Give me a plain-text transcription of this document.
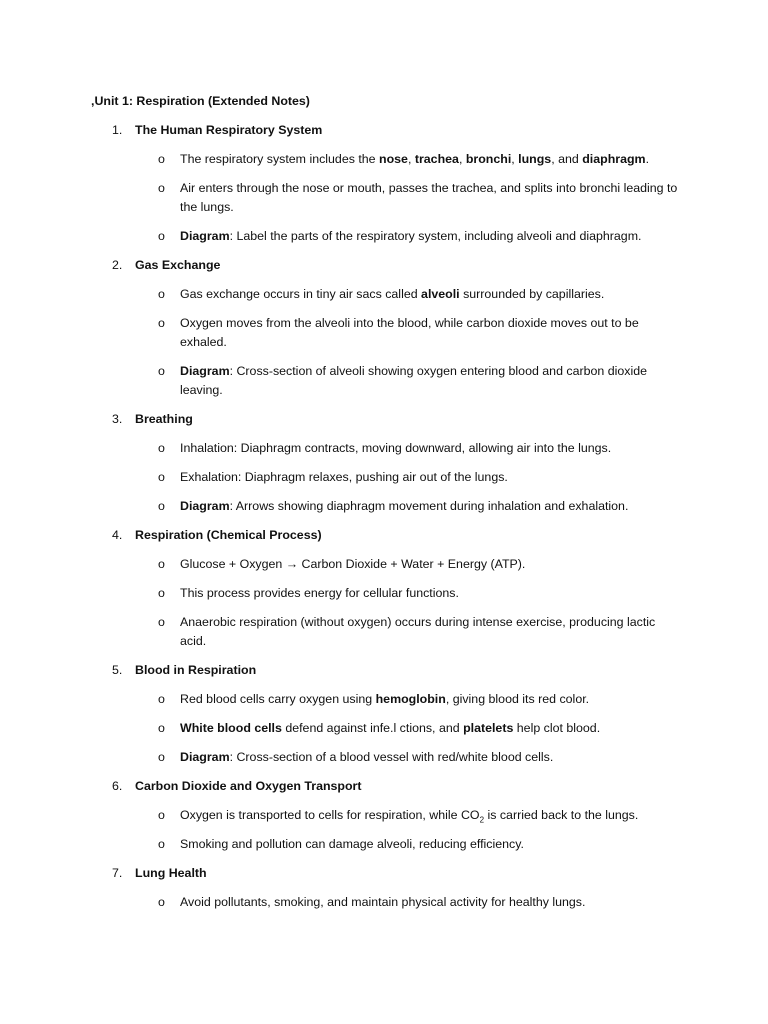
,Unit 1: Respiration (Extended Notes)
1.	The Human Respiratory System
o The respiratory system includes the nose, trachea, bronchi, lungs, and diaphragm.
o Air enters through the nose or mouth, passes the trachea, and splits into bronchi leading to the lungs.
o Diagram: Label the parts of the respiratory system, including alveoli and diaphragm.
2.	Gas Exchange
o Gas exchange occurs in tiny air sacs called alveoli surrounded by capillaries.
o Oxygen moves from the alveoli into the blood, while carbon dioxide moves out to be exhaled.
o Diagram: Cross-section of alveoli showing oxygen entering blood and carbon dioxide leaving.
3.	Breathing
o Inhalation: Diaphragm contracts, moving downward, allowing air into the lungs.
o Exhalation: Diaphragm relaxes, pushing air out of the lungs.
o Diagram: Arrows showing diaphragm movement during inhalation and exhalation.
4.	Respiration (Chemical Process)
o Glucose + Oxygen → Carbon Dioxide + Water + Energy (ATP).
o This process provides energy for cellular functions.
o Anaerobic respiration (without oxygen) occurs during intense exercise, producing lactic acid.
5.	Blood in Respiration
o Red blood cells carry oxygen using hemoglobin, giving blood its red color.
o White blood cells defend against infe.l ctions, and platelets help clot blood.
o Diagram: Cross-section of a blood vessel with red/white blood cells.
6.	Carbon Dioxide and Oxygen Transport
o Oxygen is transported to cells for respiration, while $CO_2$ is carried back to the lungs.
o Smoking and pollution can damage alveoli, reducing efficiency.
7.	Lung Health
o Avoid pollutants, smoking, and maintain physical activity for healthy lungs.
